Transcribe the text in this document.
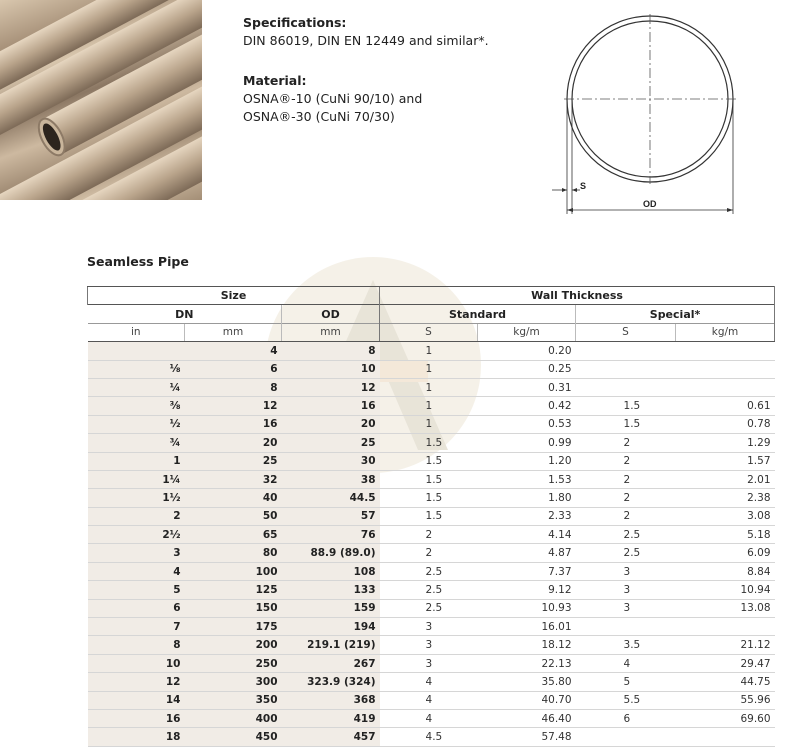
Specifications:
DIN 86019, DIN EN 12449 and similar*.
Material:
OSNA®-10 (CuNi 90/10) and
OSNA®-30 (CuNi 70/30)
S
OD
Seamless Pipe
Size			Wall Thickness			
DN		OD	Standard		Special*	
in	mm	mm	S	kg/m	S	kg/m
	4	8	1	0.20		
⅛	6	10	1	0.25		
¼	8	12	1	0.31		
⅜	12	16	1	0.42	1.5	0.61
½	16	20	1	0.53	1.5	0.78
¾	20	25	1.5	0.99	2	1.29
1	25	30	1.5	1.20	2	1.57
1¼	32	38	1.5	1.53	2	2.01
1½	40	44.5	1.5	1.80	2	2.38
2	50	57	1.5	2.33	2	3.08
2½	65	76	2	4.14	2.5	5.18
3	80	88.9 (89.0)	2	4.87	2.5	6.09
4	100	108	2.5	7.37	3	8.84
5	125	133	2.5	9.12	3	10.94
6	150	159	2.5	10.93	3	13.08
7	175	194	3	16.01		
8	200	219.1 (219)	3	18.12	3.5	21.12
10	250	267	3	22.13	4	29.47
12	300	323.9 (324)	4	35.80	5	44.75
14	350	368	4	40.70	5.5	55.96
16	400	419	4	46.40	6	69.60
18	450	457	4.5	57.48		
